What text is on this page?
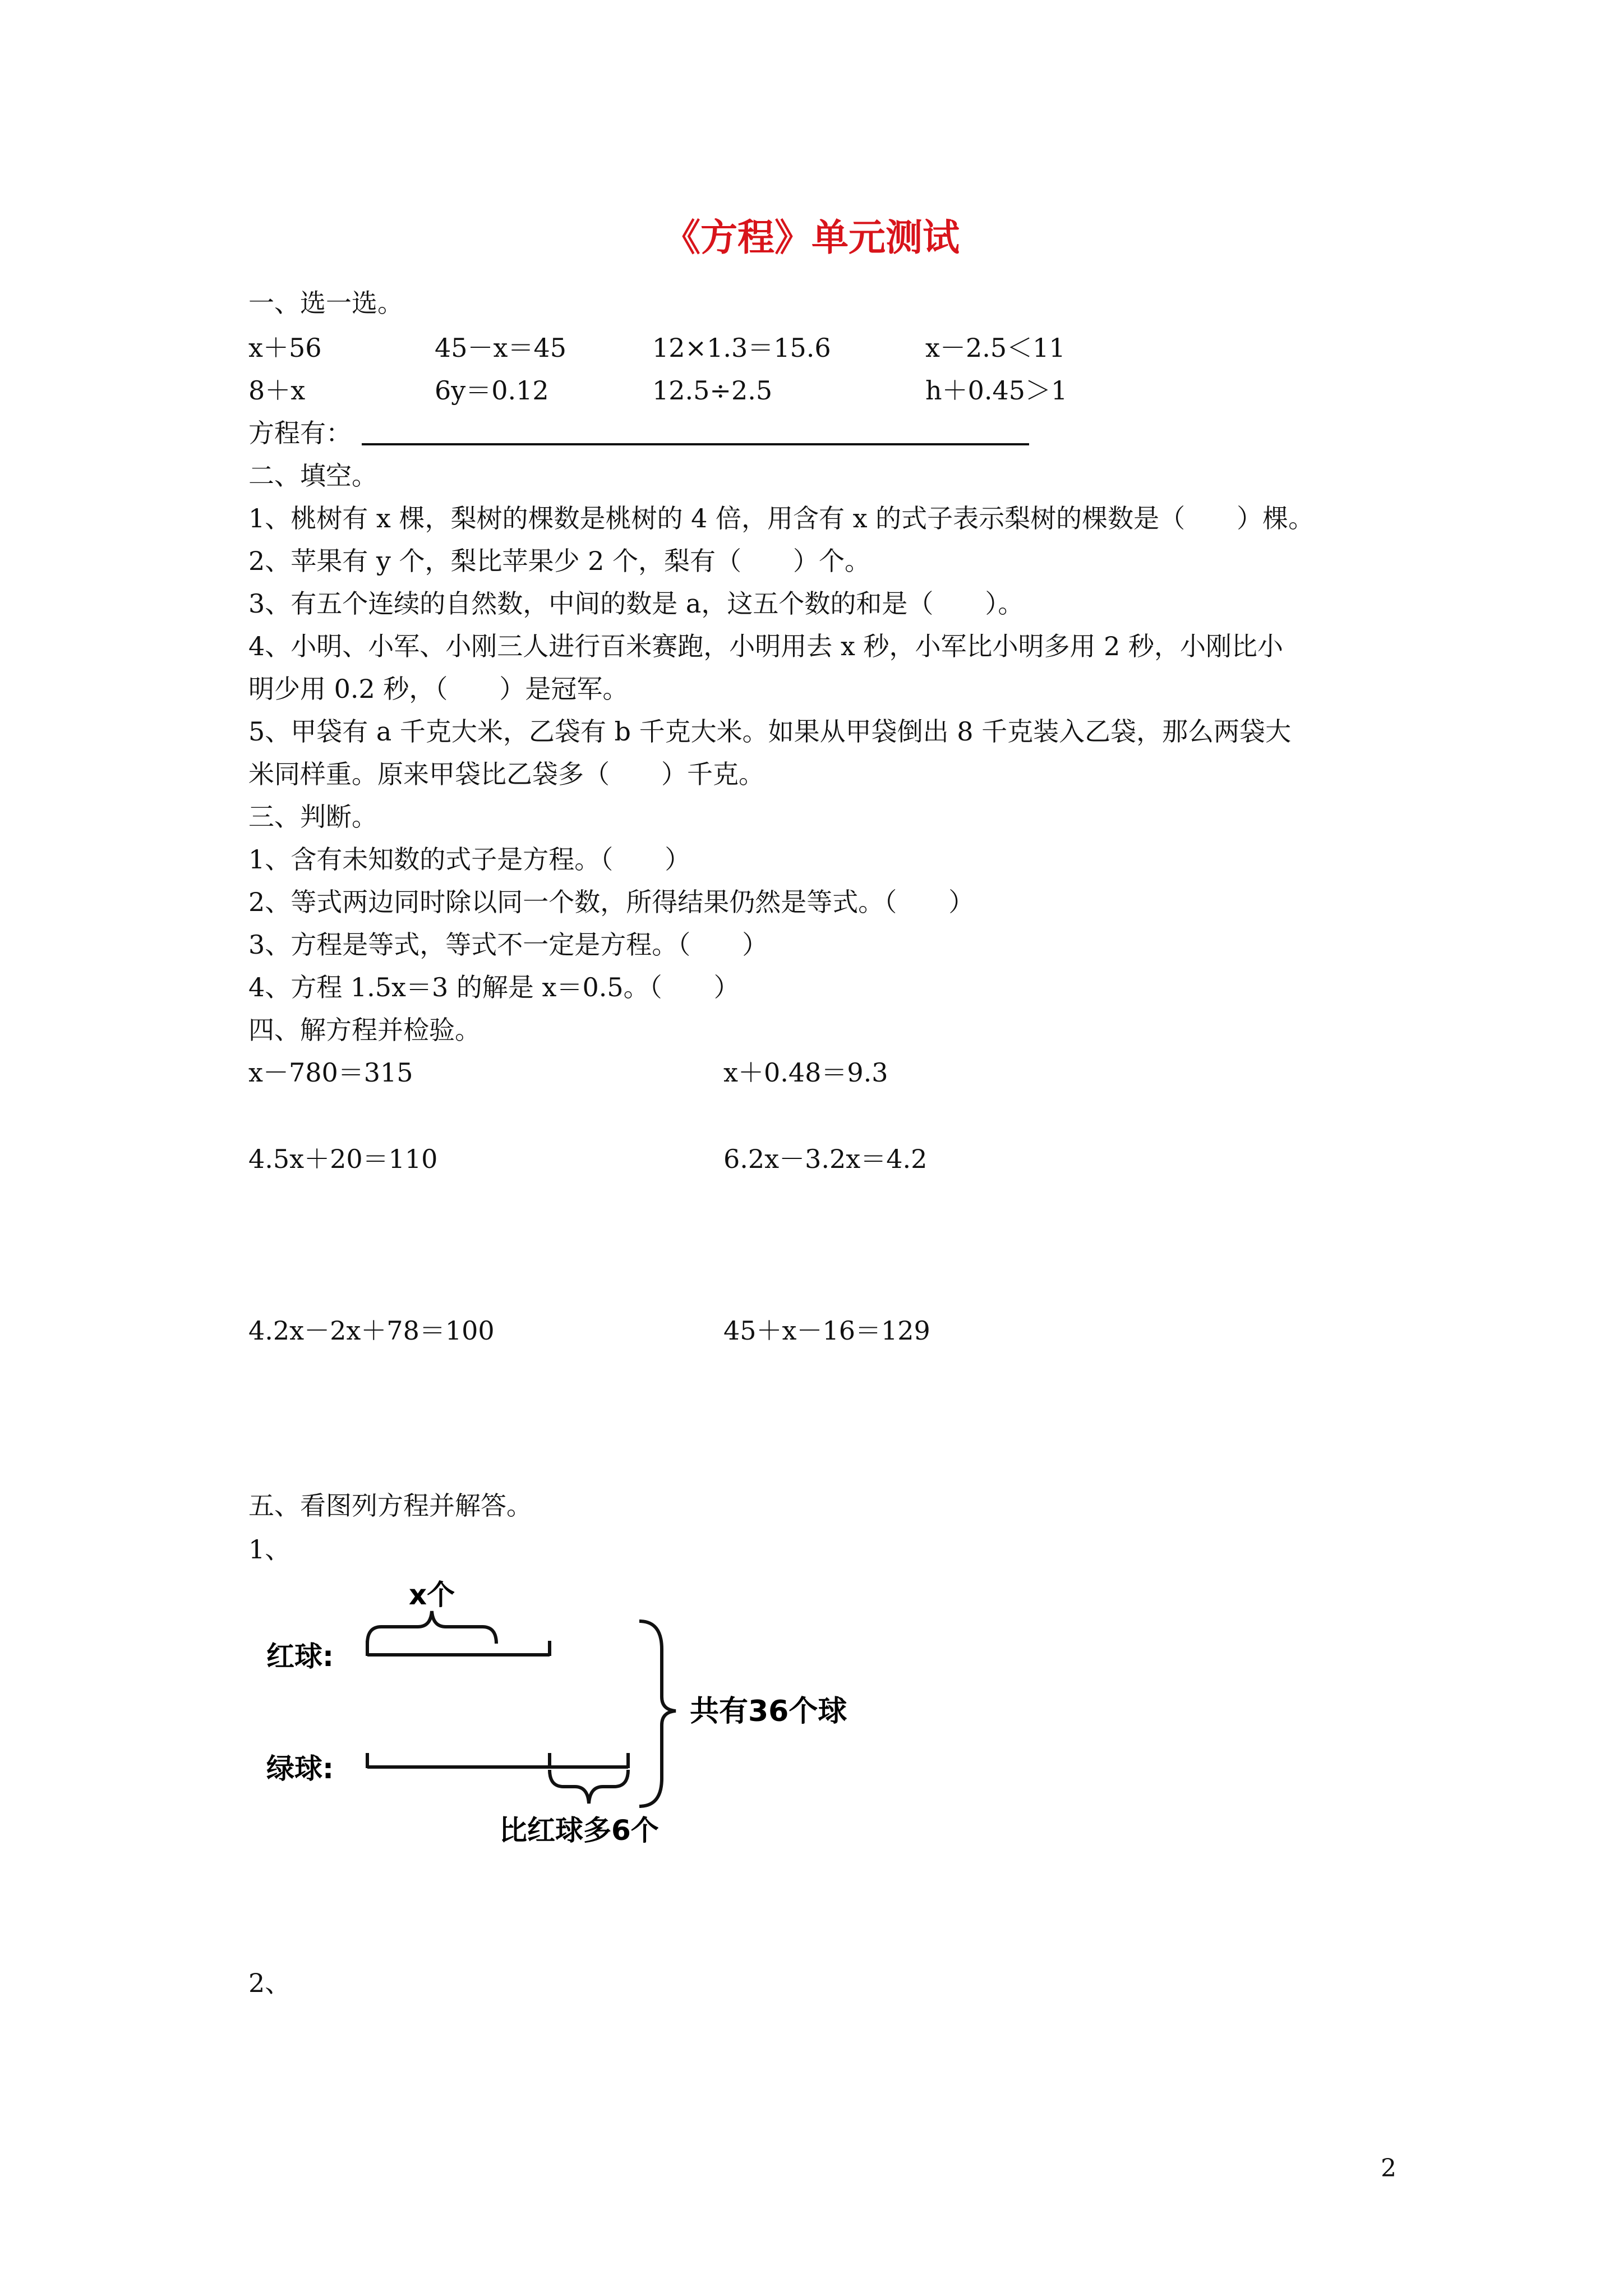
《方程》单元测试
一、选一选。
x＋56	45－x＝45	12×1.3＝15.6	x－2.5＜11
8＋x	6y＝0.12	12.5÷2.5	h＋0.45＞1
方程有：
二、填空。
1、桃树有 x 棵，梨树的棵数是桃树的 4 倍，用含有 x 的式子表示梨树的棵数是（　　）棵。
2、苹果有 y 个，梨比苹果少 2 个，梨有（　　）个。
3、有五个连续的自然数，中间的数是 a，这五个数的和是（　　）。
4、小明、小军、小刚三人进行百米赛跑，小明用去 x 秒，小军比小明多用 2 秒，小刚比小
明少用 0.2 秒，（　　）是冠军。
5、甲袋有 a 千克大米，乙袋有 b 千克大米。如果从甲袋倒出 8 千克装入乙袋，那么两袋大
米同样重。原来甲袋比乙袋多（　　）千克。
三、判断。
1、含有未知数的式子是方程。（　　）
2、等式两边同时除以同一个数，所得结果仍然是等式。（　　）
3、方程是等式，等式不一定是方程。（　　）
4、方程 1.5x＝3 的解是 x＝0.5。（　　）
四、解方程并检验。
x－780＝315	x＋0.48＝9.3
4.5x＋20＝110	6.2x－3.2x＝4.2
4.2x－2x＋78＝100	45＋x－16＝129
五、看图列方程并解答。
1、
x个
红球:
共有36个球
绿球:
比红球多6个
2、
2
